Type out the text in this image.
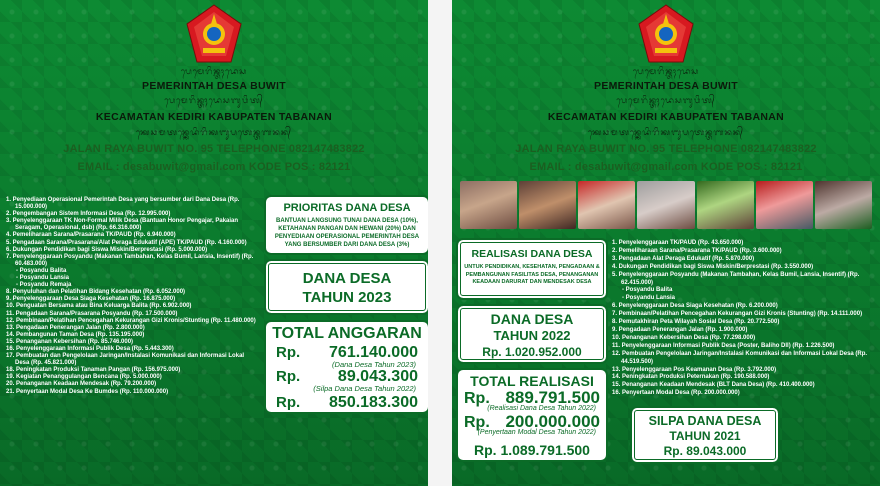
ᬧᬾᬫᬾᬭᬶᬦ᭄ᬢᬄᬤᬾᬲ
PEMERINTAH DESA BUWIT
ᬧᬾᬫᬾᬭᬶᬦ᭄ᬢᬄᬤᬾᬲᬩᬸᬯᬶᬢ᭄
KECAMATAN KEDIRI KABUPATEN TABANAN
ᬓᬾᬘᬫᬢᬦ᭄ᬓᬾᬤᬶᬭᬶᬓᬩᬸᬧᬢᬾᬦ᭄ᬢᬩᬦᬦ᭄
JALAN RAYA BUWIT NO. 95 TELEPHONE 082147483822
EMAIL : desabuwit@gmail.com KODE POS : 82121
1. Penyediaan Operasional Pemerintah Desa yang bersumber dari Dana Desa (Rp. 15.000.000)
2. Pengembangan Sistem Informasi Desa (Rp. 12.995.000)
3. Penyelenggaraan TK Non-Formal Milik Desa (Bantuan Honor Pengajar, Pakaian Seragam, Operasional, dsb) (Rp. 66.316.000)
4. Pemeliharaan Sarana/Prasarana TK/PAUD (Rp. 6.940.000)
5. Pengadaan Sarana/Prasarana/Alat Peraga Edukatif (APE) TK/PAUD (Rp. 4.160.000)
6. Dukungan Pendidikan bagi Siswa Miskin/Berprestasi (Rp. 5.000.000)
7. Penyelenggaraan Posyandu (Makanan Tambahan, Kelas Bumil, Lansia, Insentif) (Rp. 60.483.000)
- Posyandu Balita
- Posyandu Lansia
- Posyandu Remaja
8. Penyuluhan dan Pelatihan Bidang Kesehatan (Rp. 6.052.000)
9. Penyelenggaraan Desa Siaga Kesehatan (Rp. 16.875.000)
10. Penguatan Bersama atau Bina Keluarga Balita (Rp. 6.902.000)
11. Pengadaan Sarana/Prasarana Posyandu (Rp. 17.500.000)
12. Pembinaan/Pelatihan Pencegahan Kekurangan Gizi Kronis/Stunting (Rp. 11.480.000)
13. Pengadaan Penerangan Jalan (Rp. 2.800.000)
14. Pembangunan Taman Desa (Rp. 135.195.000)
15. Penanganan Kebersihan (Rp. 85.746.000)
16. Penyelenggaraan Informasi Publik Desa (Rp. 5.443.300)
17. Pembuatan dan Pengelolaan Jaringan/Instalasi Komunikasi dan Informasi Lokal Desa (Rp. 45.821.000)
18. Peningkatan Produksi Tanaman Pangan (Rp. 156.975.000)
19. Kegiatan Penanggulangan Bencana (Rp. 5.000.000)
20. Penanganan Keadaan Mendesak (Rp. 79.200.000)
21. Penyertaan Modal Desa Ke Bumdes (Rp. 110.000.000)
PRIORITAS DANA DESA
BANTUAN LANGSUNG TUNAI DANA DESA (10%), KETAHANAN PANGAN DAN HEWANI (20%) DAN PENYEDIAAN OPERASIONAL PEMERINTAH DESA YANG BERSUMBER DARI DANA DESA (3%)
DANA DESA
TAHUN 2023
TOTAL ANGGARAN
Rp. 761.140.000
(Dana Desa Tahun 2023)
Rp. 89.043.300
(Silpa Dana Desa Tahun 2022)
Rp. 850.183.300
ᬧᬾᬫᬾᬭᬶᬦ᭄ᬢᬄᬤᬾᬲ
PEMERINTAH DESA BUWIT
ᬧᬾᬫᬾᬭᬶᬦ᭄ᬢᬄᬤᬾᬲᬩᬸᬯᬶᬢ᭄
KECAMATAN KEDIRI KABUPATEN TABANAN
ᬓᬾᬘᬫᬢᬦ᭄ᬓᬾᬤᬶᬭᬶᬓᬩᬸᬧᬢᬾᬦ᭄ᬢᬩᬦᬦ᭄
JALAN RAYA BUWIT NO. 95 TELEPHONE 082147483822
EMAIL : desabuwit@gmail.com KODE POS : 82121
REALISASI DANA DESA
UNTUK PENDIDIKAN, KESEHATAN, PENGADAAN & PEMBANGUNAN FASILITAS DESA, PENANGANAN KEADAAN DARURAT DAN MENDESAK DESA
DANA DESA
TAHUN 2022
Rp. 1.020.952.000
TOTAL REALISASI
Rp. 889.791.500
(Realisasi Dana Desa Tahun 2022)
Rp. 200.000.000
(Penyertaan Modal Desa Tahun 2022)
Rp. 1.089.791.500
1. Penyelenggaraan TK/PAUD (Rp. 43.650.000)
2. Pemeliharaan Sarana/Prasarana TK/PAUD (Rp. 3.600.000)
3. Pengadaan Alat Peraga Edukatif (Rp. 5.870.000)
4. Dukungan Pendidikan bagi Siswa Miskin/Berprestasi (Rp. 3.550.000)
5. Penyelenggaraan Posyandu (Makanan Tambahan, Kelas Bumil, Lansia, Insentif) (Rp. 62.415.000)
- Posyandu Balita
- Posyandu Lansia
6. Penyelenggaraan Desa Siaga Kesehatan (Rp. 6.200.000)
7. Pembinaan/Pelatihan Pencegahan Kekurangan Gizi Kronis (Stunting) (Rp. 14.111.000)
8. Pemutakhiran Peta Wilayah Sosial Desa (Rp. 20.772.500)
9. Pengadaan Penerangan Jalan (Rp. 1.900.000)
10. Penanganan Kebersihan Desa (Rp. 77.298.000)
11. Penyelenggaraan Informasi Publik Desa (Poster, Baliho Dll) (Rp. 1.226.500)
12. Pembuatan Pengelolaan Jaringan/Instalasi Komunikasi dan Informasi Lokal Desa (Rp. 44.519.500)
13. Penyelenggaraan Pos Keamanan Desa (Rp. 3.792.000)
14. Peningkatan Produksi Peternakan (Rp. 190.588.000)
15. Penanganan Keadaan Mendesak (BLT Dana Desa) (Rp. 410.400.000)
16. Penyertaan Modal Desa (Rp. 200.000.000)
SILPA DANA DESA
TAHUN 2021
Rp. 89.043.000
